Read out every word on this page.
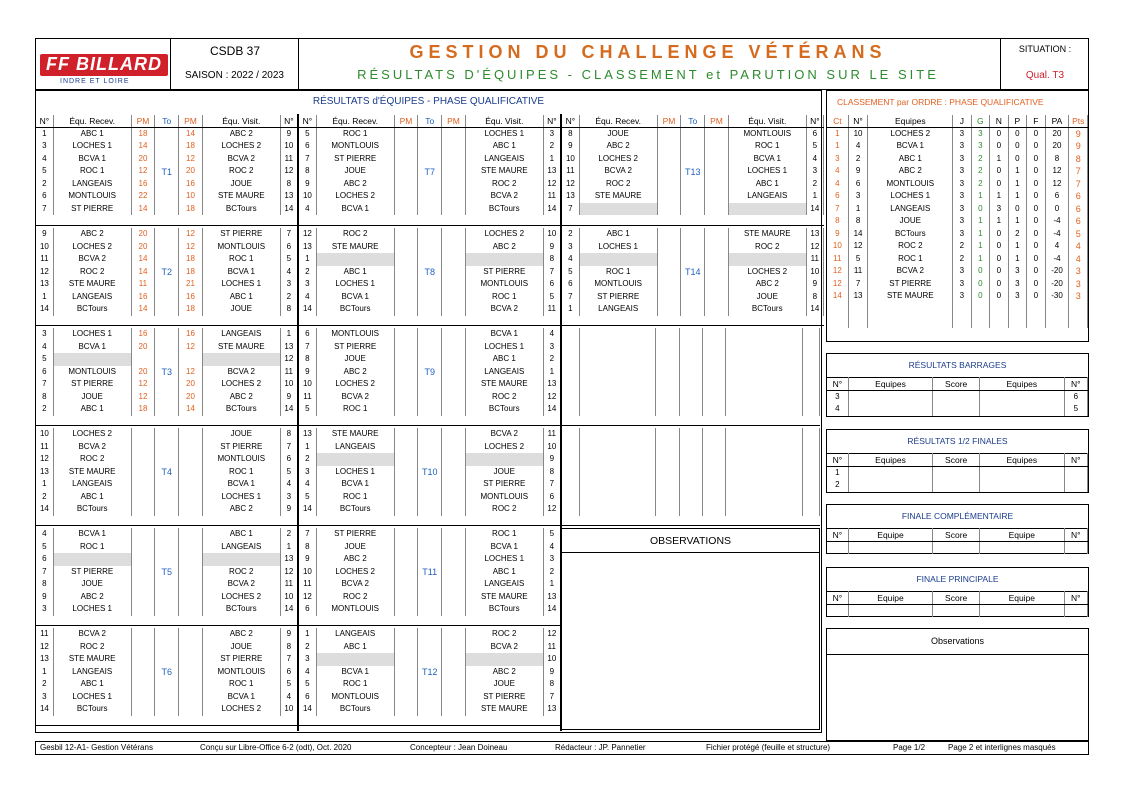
FF BILLARD
INDRE ET LOIRE
CSDB 37
SAISON : 2022 / 2023
GESTION DU CHALLENGE VÉTÉRANS
RÉSULTATS D'ÉQUIPES - CLASSEMENT et PARUTION SUR LE SITE
SITUATION :
Qual. T3
RÉSULTATS d'ÉQUIPES - PHASE QUALIFICATIVE
N°	Équ. Recev.	PM	To	PM	Équ. Visit.	N°
1	ABC 1	18	T1	14	ABC 2	9
3	LOCHES 1	14		18	LOCHES 2	10
4	BCVA 1	20		12	BCVA 2	11
5	ROC 1	12		20	ROC 2	12
2	LANGEAIS	16		16	JOUE	8
6	MONTLOUIS	22		10	STE MAURE	13
7	ST PIERRE	14		18	BCTours	14
9	ABC 2	20	T2	12	ST PIERRE	7
10	LOCHES 2	20		12	MONTLOUIS	6
11	BCVA 2	14		18	ROC 1	5
12	ROC 2	14		18	BCVA 1	4
13	STE MAURE	11		21	LOCHES 1	3
1	LANGEAIS	16		16	ABC 1	2
14	BCTours	14		18	JOUE	8
3	LOCHES 1	16	T3	16	LANGEAIS	1
4	BCVA 1	20		12	STE MAURE	13
5						12
6	MONTLOUIS	20		12	BCVA 2	11
7	ST PIERRE	12		20	LOCHES 2	10
8	JOUE	12		20	ABC 2	9
2	ABC 1	18		14	BCTours	14
10	LOCHES 2		T4		JOUE	8
11	BCVA 2				ST PIERRE	7
12	ROC 2				MONTLOUIS	6
13	STE MAURE				ROC 1	5
1	LANGEAIS				BCVA 1	4
2	ABC 1				LOCHES 1	3
14	BCTours				ABC 2	9
4	BCVA 1		T5		ABC 1	2
5	ROC 1				LANGEAIS	1
6						13
7	ST PIERRE				ROC 2	12
8	JOUE				BCVA 2	11
9	ABC 2				LOCHES 2	10
3	LOCHES 1				BCTours	14
11	BCVA 2		T6		ABC 2	9
12	ROC 2				JOUE	8
13	STE MAURE				ST PIERRE	7
1	LANGEAIS				MONTLOUIS	6
2	ABC 1				ROC 1	5
3	LOCHES 1				BCVA 1	4
14	BCTours				LOCHES 2	10
N°	Équ. Recev.	PM	To	PM	Équ. Visit.	N°
5	ROC 1		T7		LOCHES 1	3
6	MONTLOUIS				ABC 1	2
7	ST PIERRE				LANGEAIS	1
8	JOUE				STE MAURE	13
9	ABC 2				ROC 2	12
10	LOCHES 2				BCVA 2	11
4	BCVA 1				BCTours	14
12	ROC 2		T8		LOCHES 2	10
13	STE MAURE				ABC 2	9
1						8
2	ABC 1				ST PIERRE	7
3	LOCHES 1				MONTLOUIS	6
4	BCVA 1				ROC 1	5
14	BCTours				BCVA 2	11
6	MONTLOUIS		T9		BCVA 1	4
7	ST PIERRE				LOCHES 1	3
8	JOUE				ABC 1	2
9	ABC 2				LANGEAIS	1
10	LOCHES 2				STE MAURE	13
11	BCVA 2				ROC 2	12
5	ROC 1				BCTours	14
13	STE MAURE		T10		BCVA 2	11
1	LANGEAIS				LOCHES 2	10
2						9
3	LOCHES 1				JOUE	8
4	BCVA 1				ST PIERRE	7
5	ROC 1				MONTLOUIS	6
14	BCTours				ROC 2	12
7	ST PIERRE		T11		ROC 1	5
8	JOUE				BCVA 1	4
9	ABC 2				LOCHES 1	3
10	LOCHES 2				ABC 1	2
11	BCVA 2				LANGEAIS	1
12	ROC 2				STE MAURE	13
6	MONTLOUIS				BCTours	14
1	LANGEAIS		T12		ROC 2	12
2	ABC 1				BCVA 2	11
3						10
4	BCVA 1				ABC 2	9
5	ROC 1				JOUE	8
6	MONTLOUIS				ST PIERRE	7
14	BCTours				STE MAURE	13
N°	Équ. Recev.	PM	To	PM	Équ. Visit.	N°
8	JOUE		T13		MONTLOUIS	6
9	ABC 2				ROC 1	5
10	LOCHES 2				BCVA 1	4
11	BCVA 2				LOCHES 1	3
12	ROC 2				ABC 1	2
13	STE MAURE				LANGEAIS	1
7						14
2	ABC 1		T14		STE MAURE	13
3	LOCHES 1				ROC 2	12
4						11
5	ROC 1				LOCHES 2	10
6	MONTLOUIS				ABC 2	9
7	ST PIERRE				JOUE	8
1	LANGEAIS				BCTours	14

OBSERVATIONS
CLASSEMENT par ORDRE : PHASE QUALIFICATIVE
Ct	N°	Equipes	J	G	N	P	F	PA	Pts
1	10	LOCHES 2	3	3	0	0	0	20	9
1	4	BCVA 1	3	3	0	0	0	20	9
3	2	ABC 1	3	2	1	0	0	8	8
4	9	ABC 2	3	2	0	1	0	12	7
4	6	MONTLOUIS	3	2	0	1	0	12	7
6	3	LOCHES 1	3	1	1	1	0	6	6
7	1	LANGEAIS	3	0	3	0	0	0	6
8	8	JOUE	3	1	1	1	0	-4	6
9	14	BCTours	3	1	0	2	0	-4	5
10	12	ROC 2	2	1	0	1	0	4	4
11	5	ROC 1	2	1	0	1	0	-4	4
12	11	BCVA 2	3	0	0	3	0	-20	3
12	7	ST PIERRE	3	0	0	3	0	-20	3
14	13	STE MAURE	3	0	0	3	0	-30	3

RÉSULTATS BARRAGES
N°	Equipes	Score	Equipes	N°
3				6
4				5
RÉSULTATS 1/2 FINALES
N°	Equipes	Score	Equipes	N°
1				
2				
FINALE COMPLÉMENTAIRE
N°	Equipe	Score	Equipe	N°

FINALE PRINCIPALE
N°	Equipe	Score	Equipe	N°

Observations
Gesbil 12-A1- Gestion Vétérans	Conçu sur Libre-Office 6-2 (odt), Oct. 2020	Concepteur : Jean Doineau	Rédacteur : JP. Pannetier	Fichier protégé (feuille et structure)	Page 1/2	Page 2 et interlignes masqués
